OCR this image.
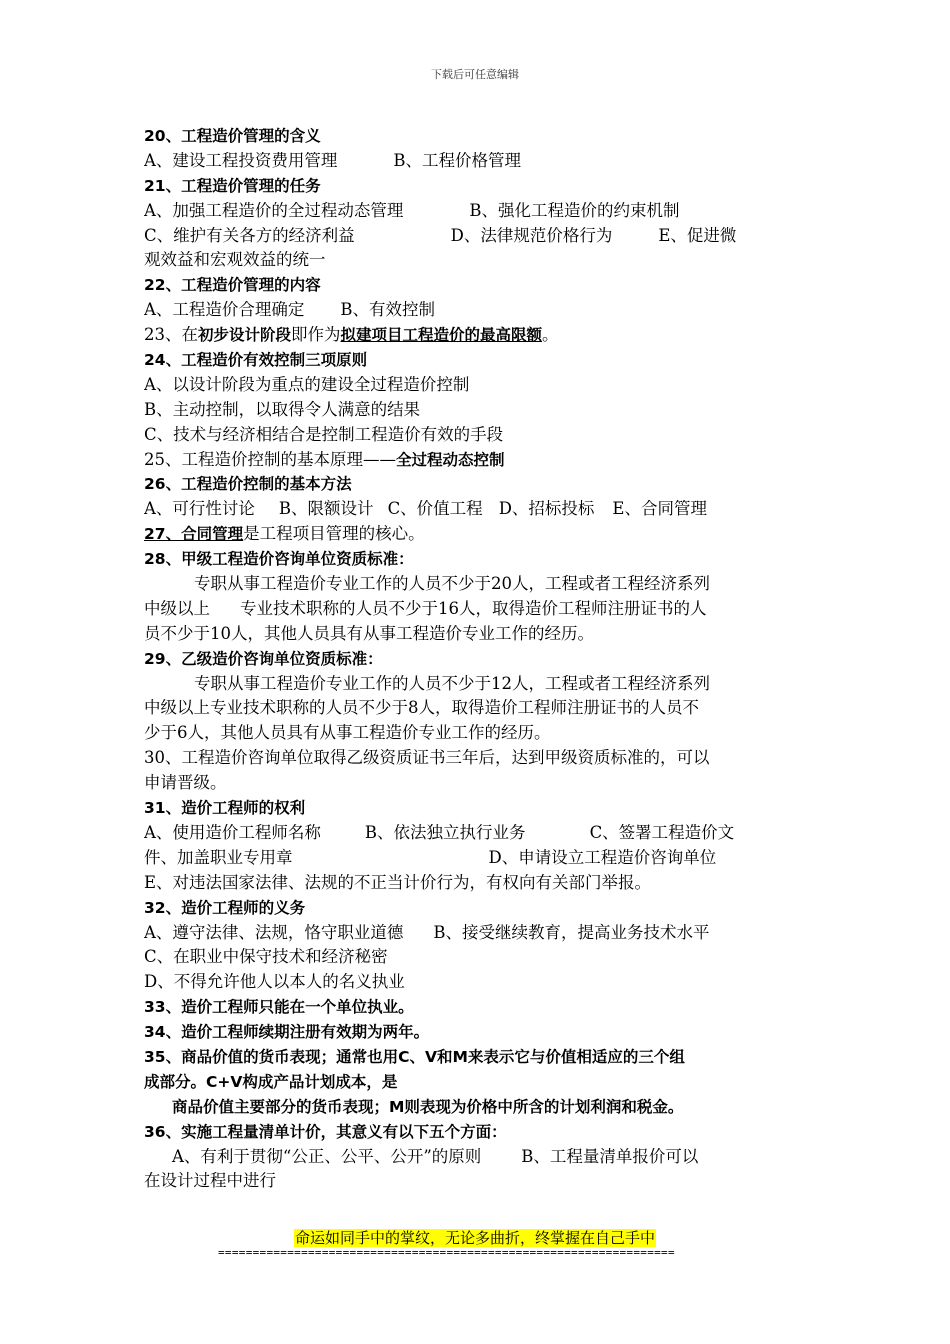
下载后可任意编辑
20、工程造价管理的含义
A、建设工程投资费用管理	B、工程价格管理
21、工程造价管理的任务
A、加强工程造价的全过程动态管理	B、强化工程造价的约束机制
C、维护有关各方的经济利益	D、法律规范价格行为	E、促进微
观效益和宏观效益的统一
22、工程造价管理的内容
A、工程造价合理确定 B、有效控制
23、在初步设计阶段即作为拟建项目工程造价的最高限额。
24、工程造价有效控制三项原则
A、以设计阶段为重点的建设全过程造价控制
B、主动控制，以取得令人满意的结果
C、技术与经济相结合是控制工程造价有效的手段
25、工程造价控制的基本原理——全过程动态控制
26、工程造价控制的基本方法
A、可行性讨论 B、限额设计 C、价值工程 D、招标投标 E、合同管理
27、合同管理是工程项目管理的核心。
28、甲级工程造价咨询单位资质标准：
专职从事工程造价专业工作的人员不少于20人，工程或者工程经济系列
中级以上 专业技术职称的人员不少于16人，取得造价工程师注册证书的人
员不少于10人，其他人员具有从事工程造价专业工作的经历。
29、乙级造价咨询单位资质标准：
专职从事工程造价专业工作的人员不少于12人，工程或者工程经济系列
中级以上专业技术职称的人员不少于8人，取得造价工程师注册证书的人员不
少于6人，其他人员具有从事工程造价专业工作的经历。
30、工程造价咨询单位取得乙级资质证书三年后，达到甲级资质标准的，可以
申请晋级。
31、造价工程师的权利
A、使用造价工程师名称	B、依法独立执行业务	C、签署工程造价文
件、加盖职业专用章	D、申请设立工程造价咨询单位
E、对违法国家法律、法规的不正当计价行为，有权向有关部门举报。
32、造价工程师的义务
A、遵守法律、法规，恪守职业道德 B、接受继续教育，提高业务技术水平
C、在职业中保守技术和经济秘密
D、不得允许他人以本人的名义执业
33、造价工程师只能在一个单位执业。
34、造价工程师续期注册有效期为两年。
35、商品价值的货币表现；通常也用C、V和M来表示它与价值相适应的三个组
成部分。C+V构成产品计划成本，是
商品价值主要部分的货币表现；M则表现为价格中所含的计划利润和税金。
36、实施工程量清单计价，其意义有以下五个方面：
A、有利于贯彻“公正、公平、公开”的原则 B、工程量清单报价可以
在设计过程中进行
命运如同手中的掌纹，无论多曲折，终掌握在自己手中
==================================================================
